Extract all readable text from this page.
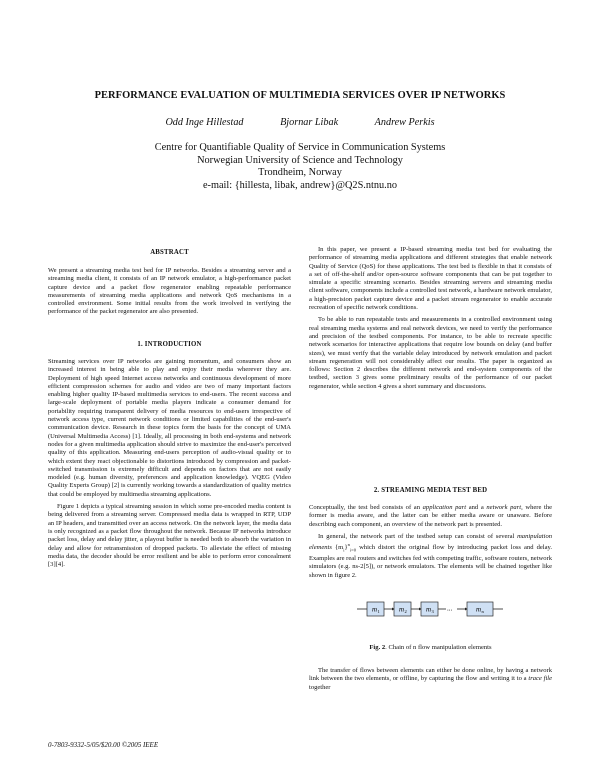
PERFORMANCE EVALUATION OF MULTIMEDIA SERVICES OVER IP NETWORKS
Odd Inge Hillestad	Bjornar Libak	Andrew Perkis
Centre for Quantifiable Quality of Service in Communication Systems
Norwegian University of Science and Technology
Trondheim, Norway
e-mail: {hillesta, libak, andrew}@Q2S.ntnu.no
ABSTRACT

We present a streaming media test bed for IP networks. Besides a streaming server and a streaming media client, it consists of an IP network emulator, a high-performance packet capture device and a packet flow regenerator enabling repeatable performance measurements of streaming media applications and network QoS mechanisms in a controlled environment. Some initial results from the work involved in verifying the performance of the packet regenerator are also presented.

1. INTRODUCTION

Streaming services over IP networks are gaining momentum, and consumers show an increased interest in being able to play and enjoy their media wherever they are. Deployment of high speed Internet access networks and continuous development of more efficient compression schemes for audio and video are two of many important factors enabling higher quality IP-based multimedia services to end-users. The recent success and large-scale deployment of portable media players indicate a consumer demand for portability requiring transparent delivery of media resources to end-users irrespective of network access type, current network conditions or limited capabilities of the end-user's communication device. Research in these topics form the basis for the concept of UMA (Universal Multimedia Access) [1]. Ideally, all processing in both end-systems and network nodes for a given multimedia application should strive to maximize the end-user's perceived quality of this application. Measuring end-users perception of audio-visual quality or to which extent they react objectionable to distortions introduced by compression and packet-switched transmission is extremely difficult and depends on factors that are not easily modeled (e.g. human diversity, preferences and application knowledge). VQEG (Video Quality Experts Group) [2] is currently working towards a standardization of quality metrics that could be employed by multimedia streaming applications.

Figure 1 depicts a typical streaming session in which some pre-encoded media content is being delivered from a streaming server. Compressed media data is wrapped in RTP, UDP an IP headers, and transmitted over an access network. On the network layer, the media data is only recognized as a packet flow throughout the network. Because IP networks introduce packet loss, delay and delay jitter, a playout buffer is needed both to absorb the variation in delay and allow for retransmission of dropped packets. To alleviate the effect of missing media data, the decoder should be error resilient and be able to perform error concealment [3][4].

In this paper, we present a IP-based streaming media test bed for evaluating the performance of streaming media applications and different strategies that enable network Quality of Service (QoS) for these applications. The test bed is flexible in that it consists of a set of off-the-shelf and/or open-source software components that can be put together to simulate a specific streaming scenario. Besides streaming servers and streaming media client software, components include a controlled test network, a hardware network emulator, a high-precision packet capture device and a packet stream regenerator to enable accurate recreation of specific network conditions.

To be able to run repeatable tests and measurements in a controlled environment using real streaming media systems and real network devices, we need to verify the performance and precision of the testbed components. For instance, to be able to recreate specific network scenarios for interactive applications that require low bounds on delay (and buffer sizes), we must verify that the variable delay introduced by network emulation and packet stream regeneration will not considerably affect our results. The paper is organized as follows: Section 2 describes the different network and end-system components of the testbed, section 3 gives some preliminary results of the performance of our packet regenerator, while section 4 gives a short summary and discussions.

2. STREAMING MEDIA TEST BED

Conceptually, the test bed consists of an application part and a network part, where the former is media aware, and the latter can be either media aware or unaware. Before describing each component, an overview of the network part is presented.

In general, the network part of the testbed setup can consist of several manipulation elements $\{m_i\}^n_{i=0}$ which distort the original flow by introducing packet loss and delay. Examples are real routers and switches fed with competing traffic, software routers, network simulators (e.g. ns-2[5]), or network emulators. The elements will be chained together like shown in figure 2.

m 1	m 2	m 3 ...	m n
Fig. 2. Chain of n flow manipulation elements

The transfer of flows between elements can either be done online, by having a network link between the two elements, or offline, by capturing the flow and writing it to a trace file together

0-7803-9332-5/05/$20.00 ©2005 IEEE
